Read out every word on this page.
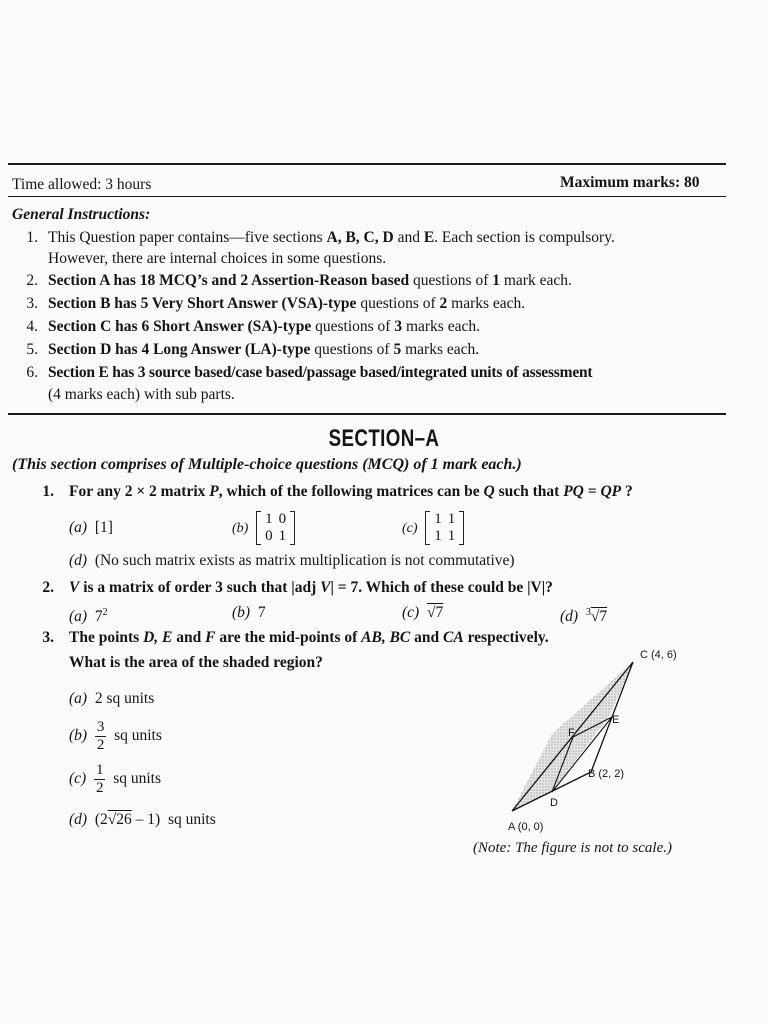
Time allowed: 3 hours	Maximum marks: 80
General Instructions:
1. This Question paper contains—five sections A, B, C, D and E. Each section is compulsory.
However, there are internal choices in some questions.
2. Section A has 18 MCQ’s and 2 Assertion-Reason based questions of 1 mark each.
3. Section B has 5 Very Short Answer (VSA)-type questions of 2 marks each.
4. Section C has 6 Short Answer (SA)-type questions of 3 marks each.
5. Section D has 4 Long Answer (LA)-type questions of 5 marks each.
6. Section E has 3 source based/case based/passage based/integrated units of assessment
(4 marks each) with sub parts.
SECTION–A
(This section comprises of Multiple-choice questions (MCQ) of 1 mark each.)
1. For any 2 × 2 matrix P, which of the following matrices can be Q such that PQ = QP ?
(a) [1]	(b)
1	0
0	1	(c)
1	1
1	1
(d) (No such matrix exists as matrix multiplication is not commutative)
2. V is a matrix of order 3 such that |adj V| = 7. Which of these could be |V|?
(a) $7^2$	(b) 7	(c) √7	(d) $^3$√7
3. The points D, E and F are the mid-points of AB, BC and CA respectively.
What is the area of the shaded region?
(a) 2 sq units
$(b) \frac{3}{2}$ sq units
$(c) \frac{1}{2}$ sq units
(d) (2√26 – 1) sq units
C (4, 6)
E
F
B (2, 2)
D
A (0, 0)
(Note: The figure is not to scale.)
